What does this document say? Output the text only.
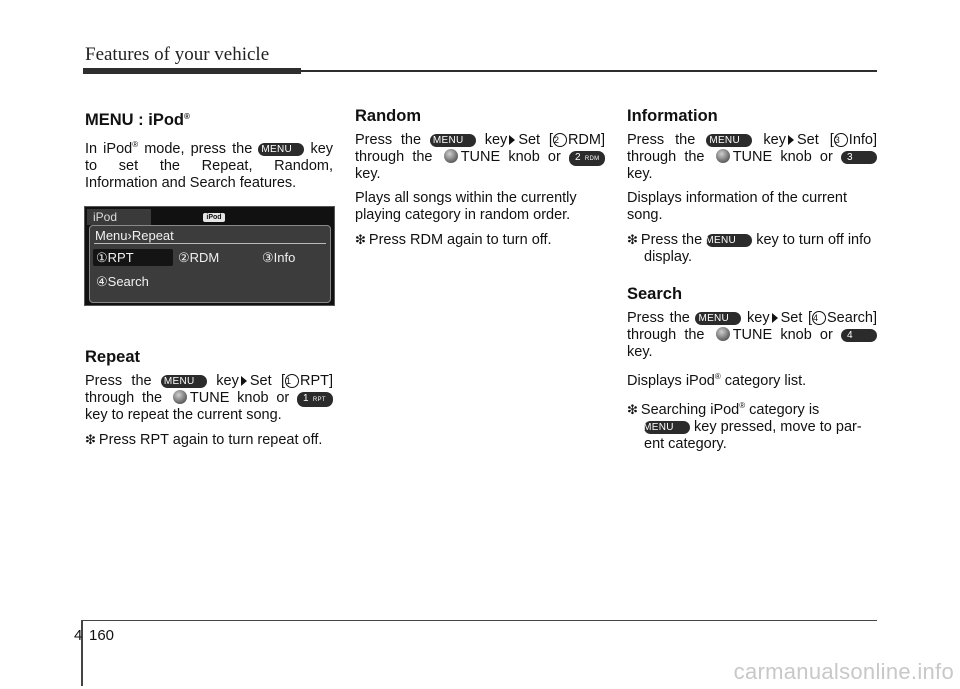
Features of your vehicle
MENU : iPod®

In iPod® mode, press the MENU key

to set the Repeat, Random,

Information and Search features.

Repeat

Press the MENU key Set [1 RPT]

through the TUNE knob or 1 RPT

key to repeat the current song.

❇ Press RPT again to turn repeat off.

iPod	iPod
Menu›Repeat
①RPT	②RDM	③Info
④Search
Random

Press the MENU key Set [2 RDM]

through the TUNE knob or 2 RDM

key.

Plays all songs within the currently playing category in random order.

❇ Press RDM again to turn off.

Information

Press the MENU key Set [3 Info]

through the TUNE knob or 3

key.

Displays information of the current song.

❇ Press the MENU key to turn off info display.

Search

Press the MENU key Set [4 Search]

through the TUNE knob or 4

key.

Displays iPod® category list.

❇ Searching iPod® category is
MENU key pressed, move to par-
ent category.

4 160
carmanualsonline.info
